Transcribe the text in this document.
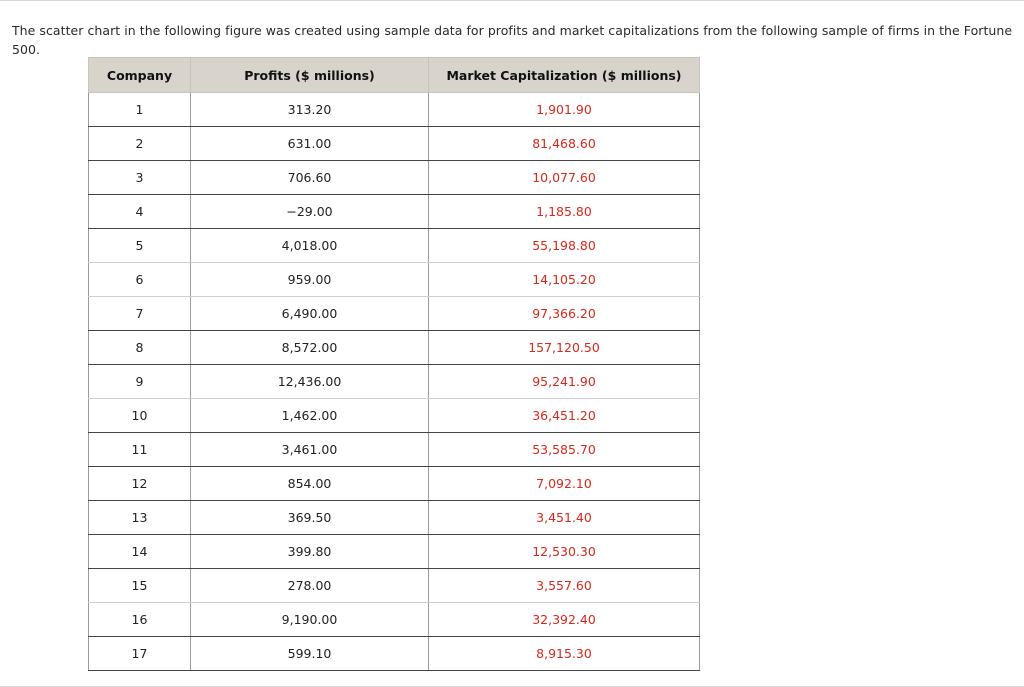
The scatter chart in the following figure was created using sample data for profits and market capitalizations from the following sample of firms in the Fortune 500.

Company	Profits ($ millions)	Market Capitalization ($ millions)
1	313.20	1,901.90
2	631.00	81,468.60
3	706.60	10,077.60
4	−29.00	1,185.80
5	4,018.00	55,198.80
6	959.00	14,105.20
7	6,490.00	97,366.20
8	8,572.00	157,120.50
9	12,436.00	95,241.90
10	1,462.00	36,451.20
11	3,461.00	53,585.70
12	854.00	7,092.10
13	369.50	3,451.40
14	399.80	12,530.30
15	278.00	3,557.60
16	9,190.00	32,392.40
17	599.10	8,915.30
